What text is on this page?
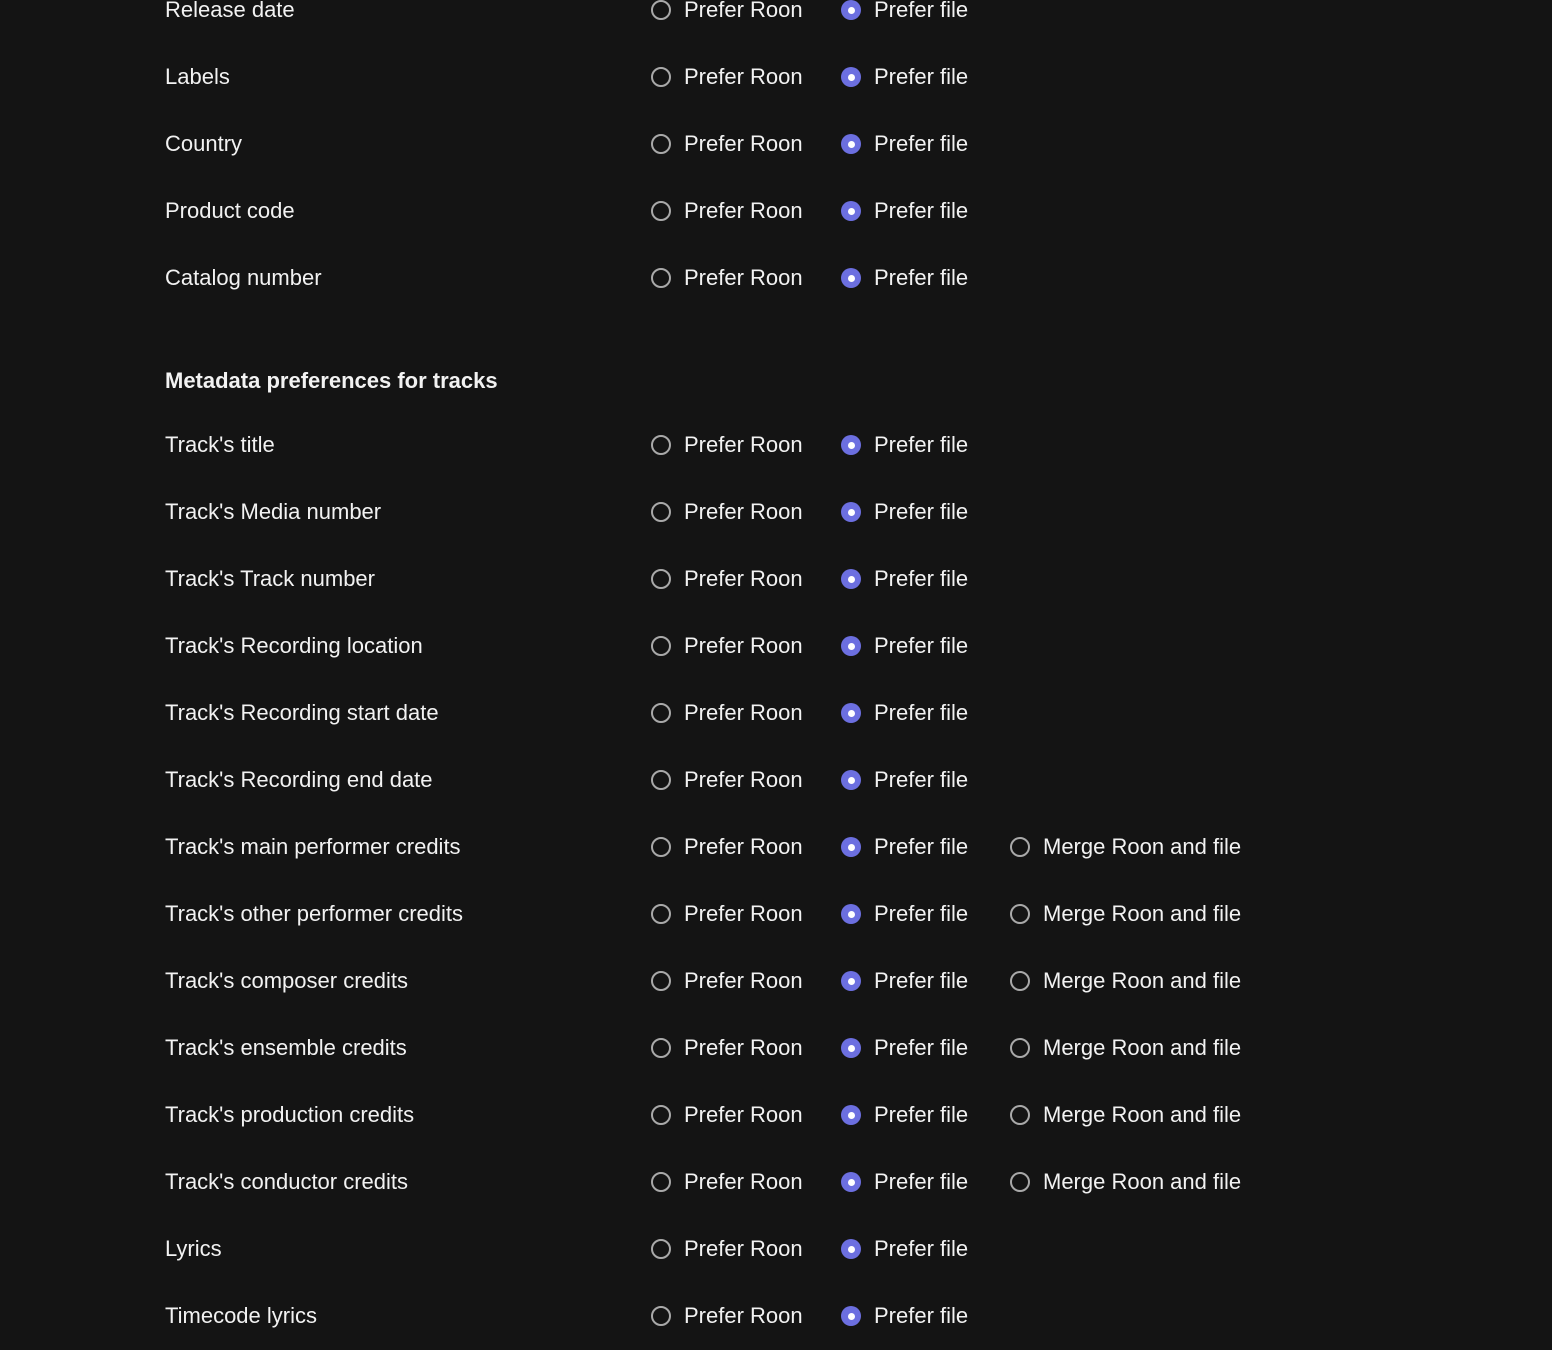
Release date	Prefer Roon	Prefer file
Labels	Prefer Roon	Prefer file
Country	Prefer Roon	Prefer file
Product code	Prefer Roon	Prefer file
Catalog number	Prefer Roon	Prefer file
Metadata preferences for tracks
Track's title	Prefer Roon	Prefer file
Track's Media number	Prefer Roon	Prefer file
Track's Track number	Prefer Roon	Prefer file
Track's Recording location	Prefer Roon	Prefer file
Track's Recording start date	Prefer Roon	Prefer file
Track's Recording end date	Prefer Roon	Prefer file
Track's main performer credits	Prefer Roon	Prefer file	Merge Roon and file
Track's other performer credits	Prefer Roon	Prefer file	Merge Roon and file
Track's composer credits	Prefer Roon	Prefer file	Merge Roon and file
Track's ensemble credits	Prefer Roon	Prefer file	Merge Roon and file
Track's production credits	Prefer Roon	Prefer file	Merge Roon and file
Track's conductor credits	Prefer Roon	Prefer file	Merge Roon and file
Lyrics	Prefer Roon	Prefer file
Timecode lyrics	Prefer Roon	Prefer file
